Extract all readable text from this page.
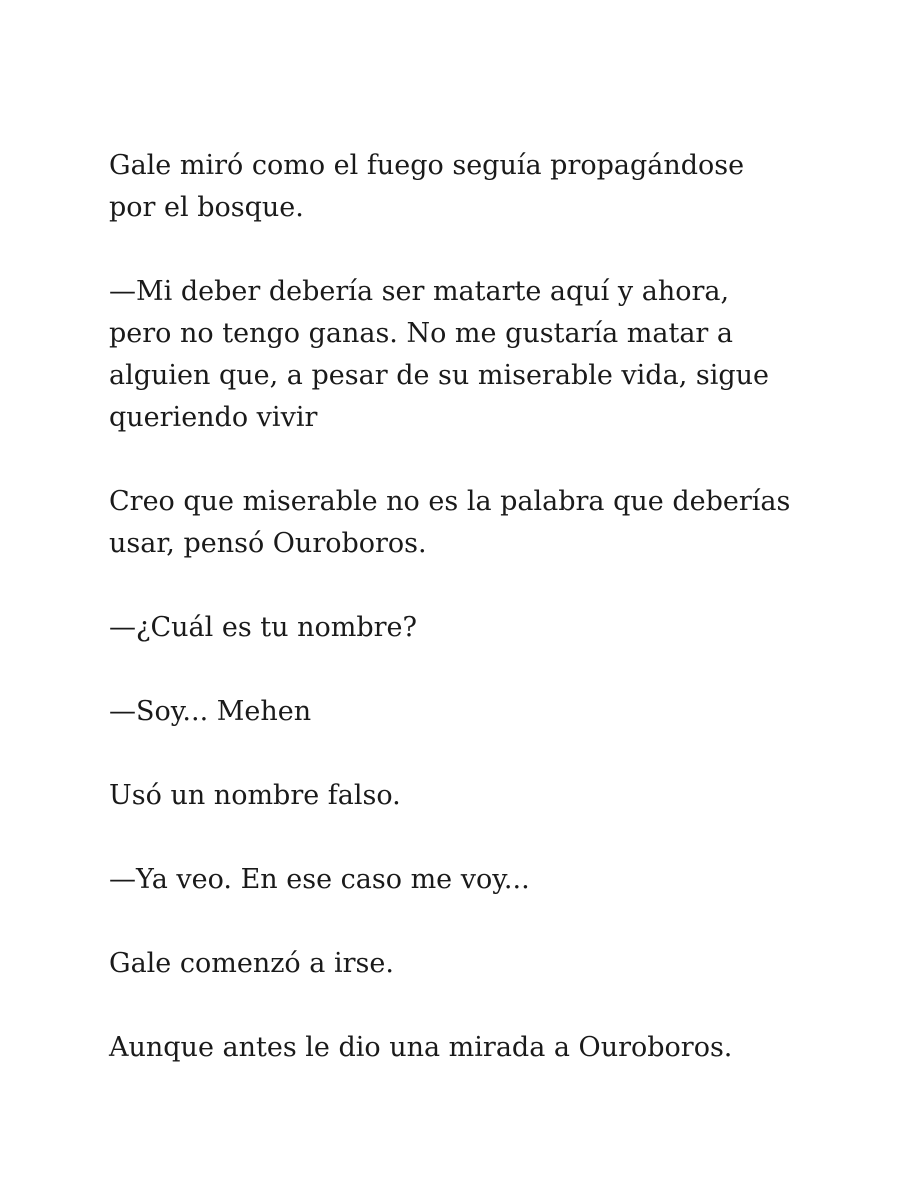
Gale miró como el fuego seguía propagándose por el bosque.

—Mi deber debería ser matarte aquí y ahora, pero no tengo ganas. No me gustaría matar a alguien que, a pesar de su miserable vida, sigue queriendo vivir

Creo que miserable no es la palabra que deberías usar, pensó Ouroboros.

—¿Cuál es tu nombre?

—Soy... Mehen

Usó un nombre falso.

—Ya veo. En ese caso me voy...

Gale comenzó a irse.

Aunque antes le dio una mirada a Ouroboros.
